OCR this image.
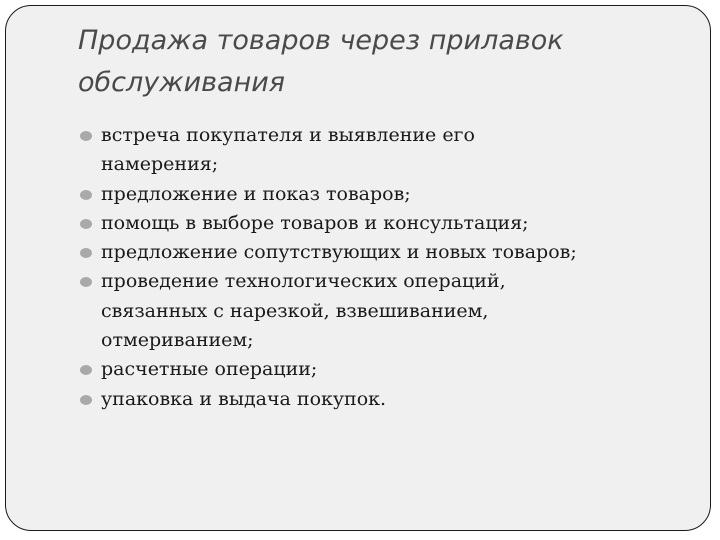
Продажа товаров через прилавок
обслуживания
встреча покупателя и выявление его
намерения;
предложение и показ товаров;
помощь в выборе товаров и консультация;
предложение сопутствующих и новых товаров;
проведение технологических операций,
связанных с нарезкой, взвешиванием,
отмериванием;
расчетные операции;
упаковка и выдача покупок.
